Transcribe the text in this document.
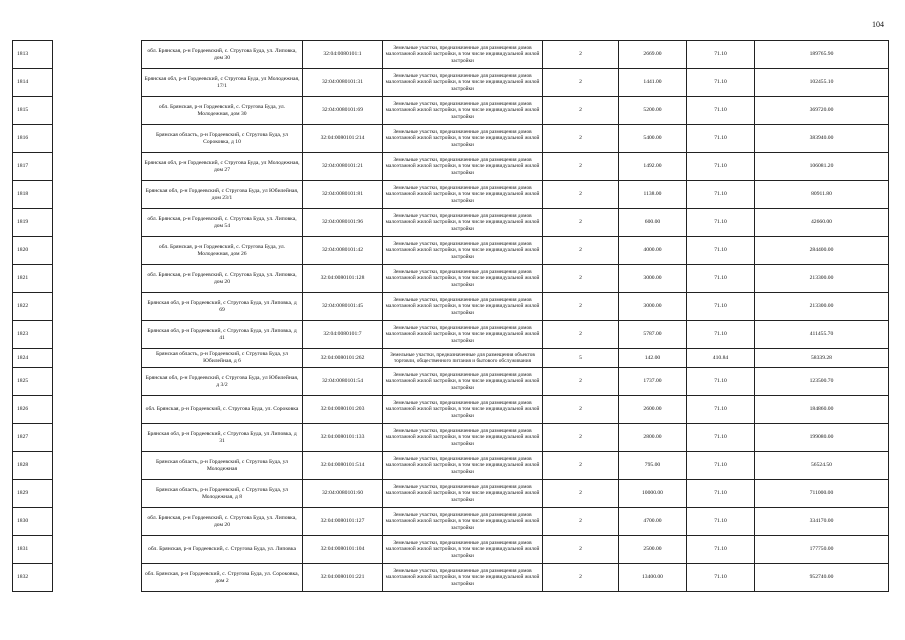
104
1813		обл. Брянская, р-н Гордеевский, с. Струговa Буда, ул. Липовка, дом 30	32:04:0080101:1	Земельные участки, предназначенные для размещения домов малоэтажной жилой застройки, в том числе индивидуальной жилой застройки	2	2669.00	71.10	189765.90
1814		Брянская обл, р-н Гордеевский, с Струговa Буда, ул Молодежная, 17/1	32:04:0080101:31	Земельные участки, предназначенные для размещения домов малоэтажной жилой застройки, в том числе индивидуальной жилой застройки	2	1441.00	71.10	102455.10
1815		обл. Брянская, р-н Гордеевский, с. Струговa Буда, ул. Молодежная, дом 30	32:04:0080101:69	Земельные участки, предназначенные для размещения домов малоэтажной жилой застройки, в том числе индивидуальной жилой застройки	2	5200.00	71.10	369720.00
1816		Брянская область, р-н Гордеевский, с Струговa Буда, ул Сороковка, д 10	32:04:0080101:214	Земельные участки, предназначенные для размещения домов малоэтажной жилой застройки, в том числе индивидуальной жилой застройки	2	5400.00	71.10	383940.00
1817		Брянская обл, р-н Гордеевский, с Струговa Буда, ул Молодежная, дом 27	32:04:0080101:21	Земельные участки, предназначенные для размещения домов малоэтажной жилой застройки, в том числе индивидуальной жилой застройки	2	1492.00	71.10	106081.20
1818		Брянская обл, р-н Гордеевский, с Струговa Буда, ул Юбилейная, дом 23/1	32:04:0080101:81	Земельные участки, предназначенные для размещения домов малоэтажной жилой застройки, в том числе индивидуальной жилой застройки	2	1138.00	71.10	80911.80
1819		обл. Брянская, р-н Гордеевский, с. Струговa Буда, ул. Липовка, дом 54	32:04:0080101:96	Земельные участки, предназначенные для размещения домов малоэтажной жилой застройки, в том числе индивидуальной жилой застройки	2	600.00	71.10	42660.00
1820		обл. Брянская, р-н Гордеевский, с. Струговa Буда, ул. Молодежная, дом 26	32:04:0080101:42	Земельные участки, предназначенные для размещения домов малоэтажной жилой застройки, в том числе индивидуальной жилой застройки	2	4000.00	71.10	284400.00
1821		обл. Брянская, р-н Гордеевский, с. Струговa Буда, ул. Липовка, дом 20	32:04:0080101:128	Земельные участки, предназначенные для размещения домов малоэтажной жилой застройки, в том числе индивидуальной жилой застройки	2	3000.00	71.10	213300.00
1822		Брянская обл, р-н Гордеевский, с Струговa Буда, ул Липовка, д 69	32:04:0080101:45	Земельные участки, предназначенные для размещения домов малоэтажной жилой застройки, в том числе индивидуальной жилой застройки	2	3000.00	71.10	213300.00
1823		Брянская обл, р-н Гордеевский, с Струговa Буда, ул Липовка, д 41	32:04:0080101:7	Земельные участки, предназначенные для размещения домов малоэтажной жилой застройки, в том числе индивидуальной жилой застройки	2	5787.00	71.10	411455.70
1824		Брянская область, р-н Гордеевский, с Струговa Буда, ул Юбилейная, д 6	32:04:0080101:262	Земельные участки, предназначенные для размещения объектов торговли, общественного питания и бытового обслуживания	5	142.00	410.84	58339.28
1825		Брянская обл, р-н Гордеевский, с Струговa Буда, ул Юбилейная, д 3/2	32:04:0080101:54	Земельные участки, предназначенные для размещения домов малоэтажной жилой застройки, в том числе индивидуальной жилой застройки	2	1737.00	71.10	123500.70
1826		обл. Брянская, р-н Гордеевский, с. Струговa Буда, ул. Сороковка	32:04:0080101:203	Земельные участки, предназначенные для размещения домов малоэтажной жилой застройки, в том числе индивидуальной жилой застройки	2	2600.00	71.10	184860.00
1827		Брянская обл, р-н Гордеевский, с Струговa Буда, ул Липовка, д 31	32:04:0080101:133	Земельные участки, предназначенные для размещения домов малоэтажной жилой застройки, в том числе индивидуальной жилой застройки	2	2800.00	71.10	199080.00
1828		Брянская область, р-н Гордеевский, с Струговa Буда, ул Молодежная	32:04:0080101:514	Земельные участки, предназначенные для размещения домов малоэтажной жилой застройки, в том числе индивидуальной жилой застройки	2	795.00	71.10	56524.50
1829		Брянская область, р-н Гордеевский, с Струговa Буда, ул Молодежная, д 8	32:04:0080101:60	Земельные участки, предназначенные для размещения домов малоэтажной жилой застройки, в том числе индивидуальной жилой застройки	2	10000.00	71.10	711000.00
1830		обл. Брянская, р-н Гордеевский, с. Струговa Буда, ул. Липовка, дом 20	32:04:0080101:127	Земельные участки, предназначенные для размещения домов малоэтажной жилой застройки, в том числе индивидуальной жилой застройки	2	4700.00	71.10	334170.00
1831		обл. Брянская, р-н Гордеевский, с. Струговa Буда, ул. Липовка	32:04:0080101:104	Земельные участки, предназначенные для размещения домов малоэтажной жилой застройки, в том числе индивидуальной жилой застройки	2	2500.00	71.10	177750.00
1832		обл. Брянская, р-н Гордеевский, с. Струговa Буда, ул. Сороковка, дом 2	32:04:0080101:221	Земельные участки, предназначенные для размещения домов малоэтажной жилой застройки, в том числе индивидуальной жилой застройки	2	13400.00	71.10	952740.00
